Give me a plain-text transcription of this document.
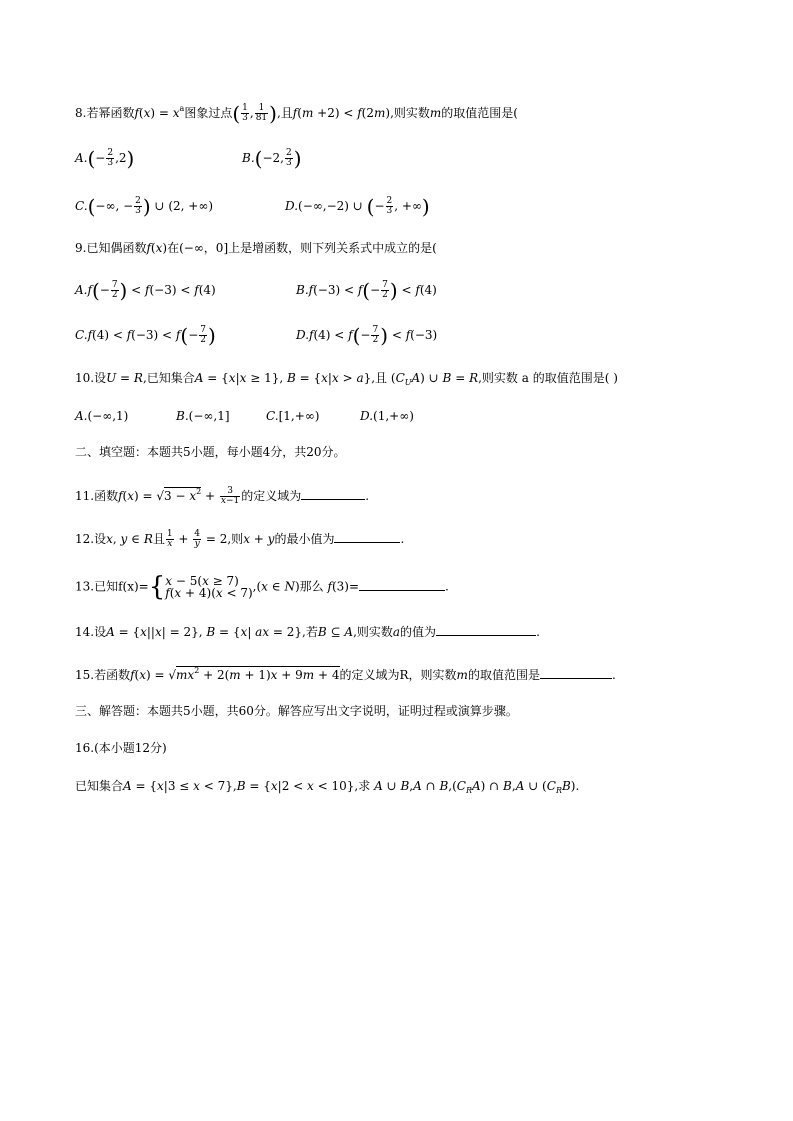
8.若幂函数$f(x) = x^a$图象过点( $\frac{1}{3}$ , $\frac{1}{81}$ ),且f(m +2) < f(2m),则实数m的取值范围是(
$A.(- \frac{2}{3} ,2)$	B.(−2, $\frac{2}{3}$ )
C.(−∞, − $\frac{2}{3}$ ) ∪ (2, +∞)	D.(−∞,−2) ∪ (− $\frac{2}{3}$ , +∞)
9.已知偶函数f(x)在(−∞，0]上是增函数，则下列关系式中成立的是(
$A.f(- \frac{7}{2}$ ) < f(−3) < f(4)	$B.f(-3) < f(- \frac{7}{2}$ ) < f(4)
$C.f(4) < f(-3) < f(- \frac{7}{2}$ )	$D.f(4) < f(- \frac{7}{2}$ ) < f(−3)
10.设U = R,已知集合A = {x|x ≥ 1}, B = {x|x > a},且 $(C_UA)$ ∪ B = R,则实数 a 的取值范围是( )
A.(−∞,1)	B.(−∞,1]	C.[1,+∞)	D.(1,+∞)
二、填空题：本题共5小题，每小题4分，共20分。
11.函数$f(x) = √3 - x^2 + \frac{3}{x-1}$ 的定义域为	.
12.设x, y ∈ R且 $\frac{1}{x} + \frac{4}{y} = 2$,则x + y的最小值为	.
13.已知f(x)={x − 5(x ≥ 7)
f(x + 4)(x < 7),(x ∈ N)那么 f(3)=	.
14.设A = {x||x| = 2}, B = {x| ax = 2},若B ⊆ A,则实数a的值为	.
15.若函数$f(x) = √mx^2 + 2(m + 1)x + 9m + 4$的定义域为R，则实数m的取值范围是	.
三、解答题：本题共5小题，共60分。解答应写出文字说明，证明过程或演算步骤。
16.(本小题12分)
已知集合A = {x|3 ≤ x < 7},B = {x|2 < x < 10},求 A ∪ B,A ∩ $B,(C_RA)$ ∩ B,A ∪ $(C_RB)$.
